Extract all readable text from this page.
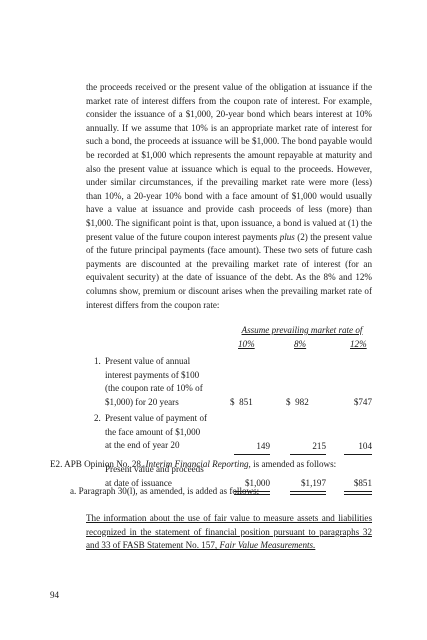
the proceeds received or the present value of the obligation at issuance if the market rate of interest differs from the coupon rate of interest. For example, consider the issuance of a $1,000, 20-year bond which bears interest at 10% annually. If we assume that 10% is an appropriate market rate of interest for such a bond, the proceeds at issuance will be $1,000. The bond payable would be recorded at $1,000 which represents the amount repayable at maturity and also the present value at issuance which is equal to the proceeds. However, under similar circumstances, if the prevailing market rate were more (less) than 10%, a 20-year 10% bond with a face amount of $1,000 would usually have a value at issuance and provide cash proceeds of less (more) than $1,000. The significant point is that, upon issuance, a bond is valued at (1) the present value of the future coupon interest payments plus (2) the present value of the future principal payments (face amount). These two sets of future cash payments are discounted at the prevailing market rate of interest (for an equivalent security) at the date of issuance of the debt. As the 8% and 12% columns show, premium or discount arises when the prevailing market rate of interest differs from the coupon rate:

Assume prevailing market rate of
10%	8%	12%
1. Present value of annual
interest payments of $100
(the coupon rate of 10% of
$1,000) for 20 years	$  851	$  982	$747
2. Present value of payment of
the face amount of $1,000
at the end of year 20	149	215	104
Present value and proceeds
at date of issuance	$1,000	$1,197	$851
E2. APB Opinion No. 28, Interim Financial Reporting, is amended as follows:
a. Paragraph 30(l), as amended, is added as follows:
The information about the use of fair value to measure assets and liabilities recognized in the statement of financial position pursuant to paragraphs 32 and 33 of FASB Statement No. 157, Fair Value Measurements.
94
